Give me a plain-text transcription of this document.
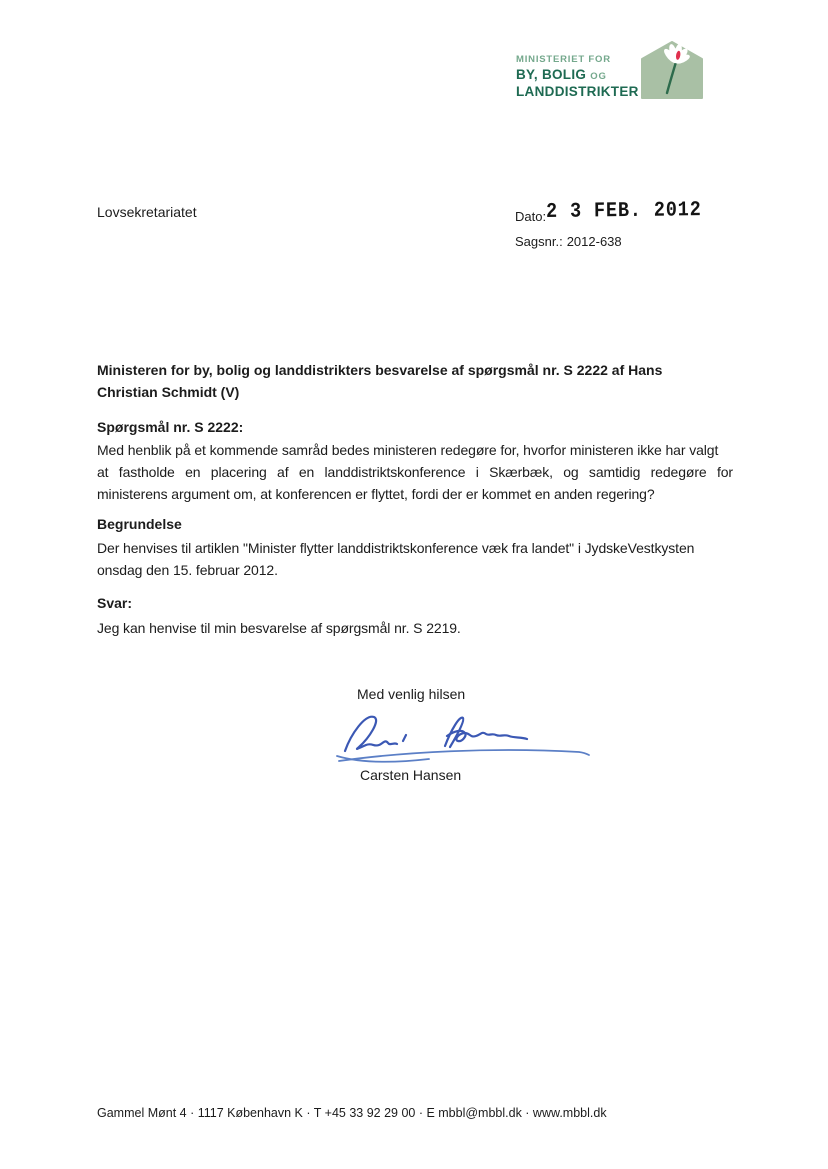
MINISTERIET FOR
BY, BOLIG OG
LANDDISTRIKTER
Lovsekretariatet	Dato: 2 3 FEB. 2012
Sagsnr.: 2012-638
Ministeren for by, bolig og landdistrikters besvarelse af spørgsmål nr. S 2222 af Hans
Christian Schmidt (V)
Spørgsmål nr. S 2222:
Med henblik på et kommende samråd bedes ministeren redegøre for, hvorfor ministeren ikke har valgt
at fastholde en placering af en landdistriktskonference i Skærbæk, og samtidig redegøre for
ministerens argument om, at konferencen er flyttet, fordi der er kommet en anden regering?
Begrundelse
Der henvises til artiklen "Minister flytter landdistriktskonference væk fra landet" i JydskeVestkysten
onsdag den 15. februar 2012.
Svar:
Jeg kan henvise til min besvarelse af spørgsmål nr. S 2219.
Med venlig hilsen
Carsten Hansen
Gammel Mønt 4 · 1117 København K · T +45 33 92 29 00 · E mbbl@mbbl.dk · www.mbbl.dk
